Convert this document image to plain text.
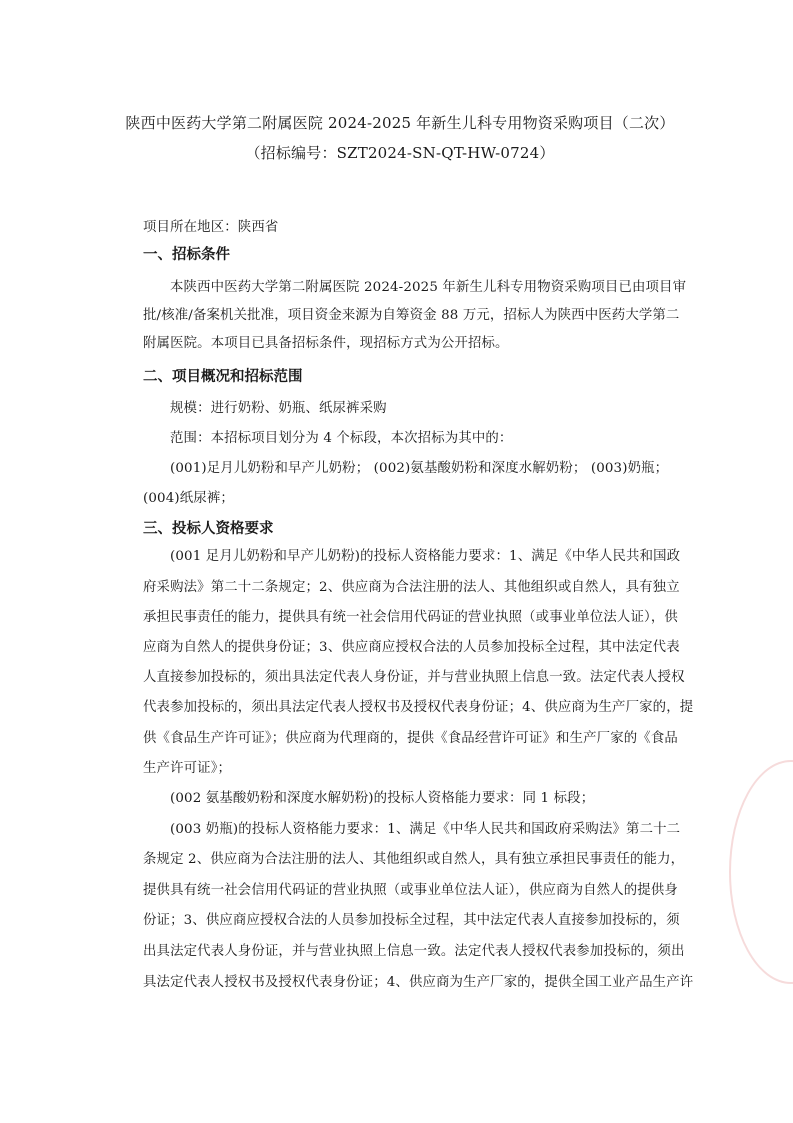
陕西中医药大学第二附属医院 2024-2025 年新生儿科专用物资采购项目（二次）
（招标编号：SZT2024-SN-QT-HW-0724）
项目所在地区：陕西省
一、招标条件
本陕西中医药大学第二附属医院 2024-2025 年新生儿科专用物资采购项目已由项目审
批/核准/备案机关批准，项目资金来源为自筹资金 88 万元，招标人为陕西中医药大学第二
附属医院。本项目已具备招标条件，现招标方式为公开招标。
二、项目概况和招标范围
规模：进行奶粉、奶瓶、纸尿裤采购
范围：本招标项目划分为 4 个标段，本次招标为其中的：
(001)足月儿奶粉和早产儿奶粉； (002)氨基酸奶粉和深度水解奶粉； (003)奶瓶；
(004)纸尿裤；
三、投标人资格要求
(001 足月儿奶粉和早产儿奶粉)的投标人资格能力要求：1、满足《中华人民共和国政
府采购法》第二十二条规定；2、供应商为合法注册的法人、其他组织或自然人，具有独立
承担民事责任的能力，提供具有统一社会信用代码证的营业执照（或事业单位法人证），供
应商为自然人的提供身份证；3、供应商应授权合法的人员参加投标全过程，其中法定代表
人直接参加投标的，须出具法定代表人身份证，并与营业执照上信息一致。法定代表人授权
代表参加投标的，须出具法定代表人授权书及授权代表身份证；4、供应商为生产厂家的，提
供《食品生产许可证》；供应商为代理商的，提供《食品经营许可证》和生产厂家的《食品
生产许可证》；
(002 氨基酸奶粉和深度水解奶粉)的投标人资格能力要求：同 1 标段；
(003 奶瓶)的投标人资格能力要求：1、满足《中华人民共和国政府采购法》第二十二
条规定 2、供应商为合法注册的法人、其他组织或自然人，具有独立承担民事责任的能力，
提供具有统一社会信用代码证的营业执照（或事业单位法人证），供应商为自然人的提供身
份证；3、供应商应授权合法的人员参加投标全过程，其中法定代表人直接参加投标的，须
出具法定代表人身份证，并与营业执照上信息一致。法定代表人授权代表参加投标的，须出
具法定代表人授权书及授权代表身份证；4、供应商为生产厂家的，提供全国工业产品生产许
